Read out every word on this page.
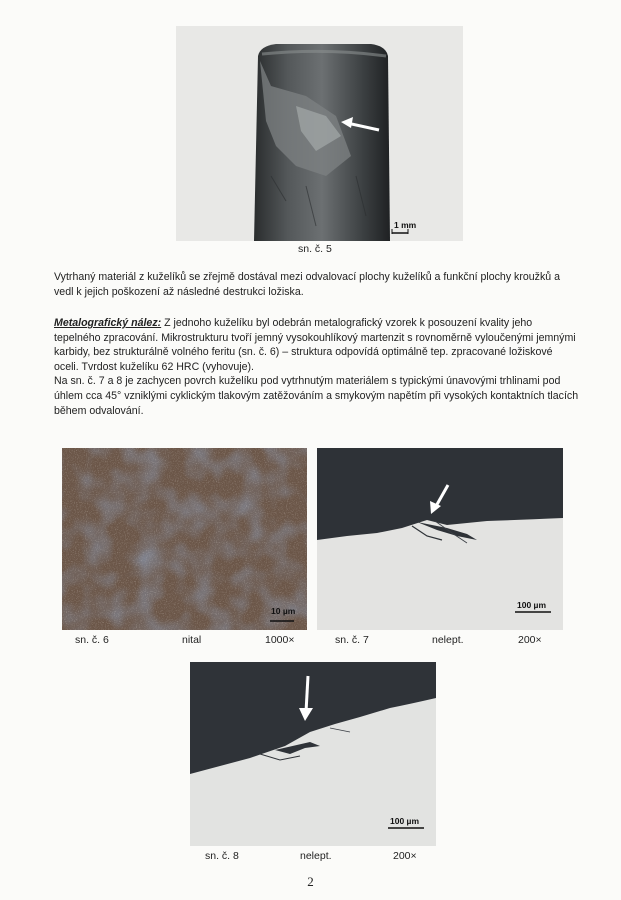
1 mm
sn. č. 5

Vytrhaný materiál z kuželíků se zřejmě dostával mezi odvalovací plochy kuželíků a funkční plochy kroužků a vedl k jejich poškození až následné destrukci ložiska.

Metalografický nález: Z jednoho kuželíku byl odebrán metalografický vzorek k posouzení kvality jeho tepelného zpracování. Mikrostrukturu tvoří jemný vysokouhlíkový martenzit s rovnoměrně vyloučenými jemnými karbidy, bez strukturálně volného feritu (sn. č. 6) – struktura odpovídá optimálně tep. zpracované ložiskové oceli. Tvrdost kuželíku 62 HRC (vyhovuje).

Na sn. č. 7 a 8 je zachycen povrch kuželíku pod vytrhnutým materiálem s typickými únavovými trhlinami pod úhlem cca 45° vzniklými cyklickým tlakovým zatěžováním a smykovým napětím při vysokých kontaktních tlacích během odvalování.

10 µm
100 µm
sn. č. 6	nital	1000×	sn. č. 7	nelept.	200×
100 µm
sn. č. 8	nelept.	200×
2
